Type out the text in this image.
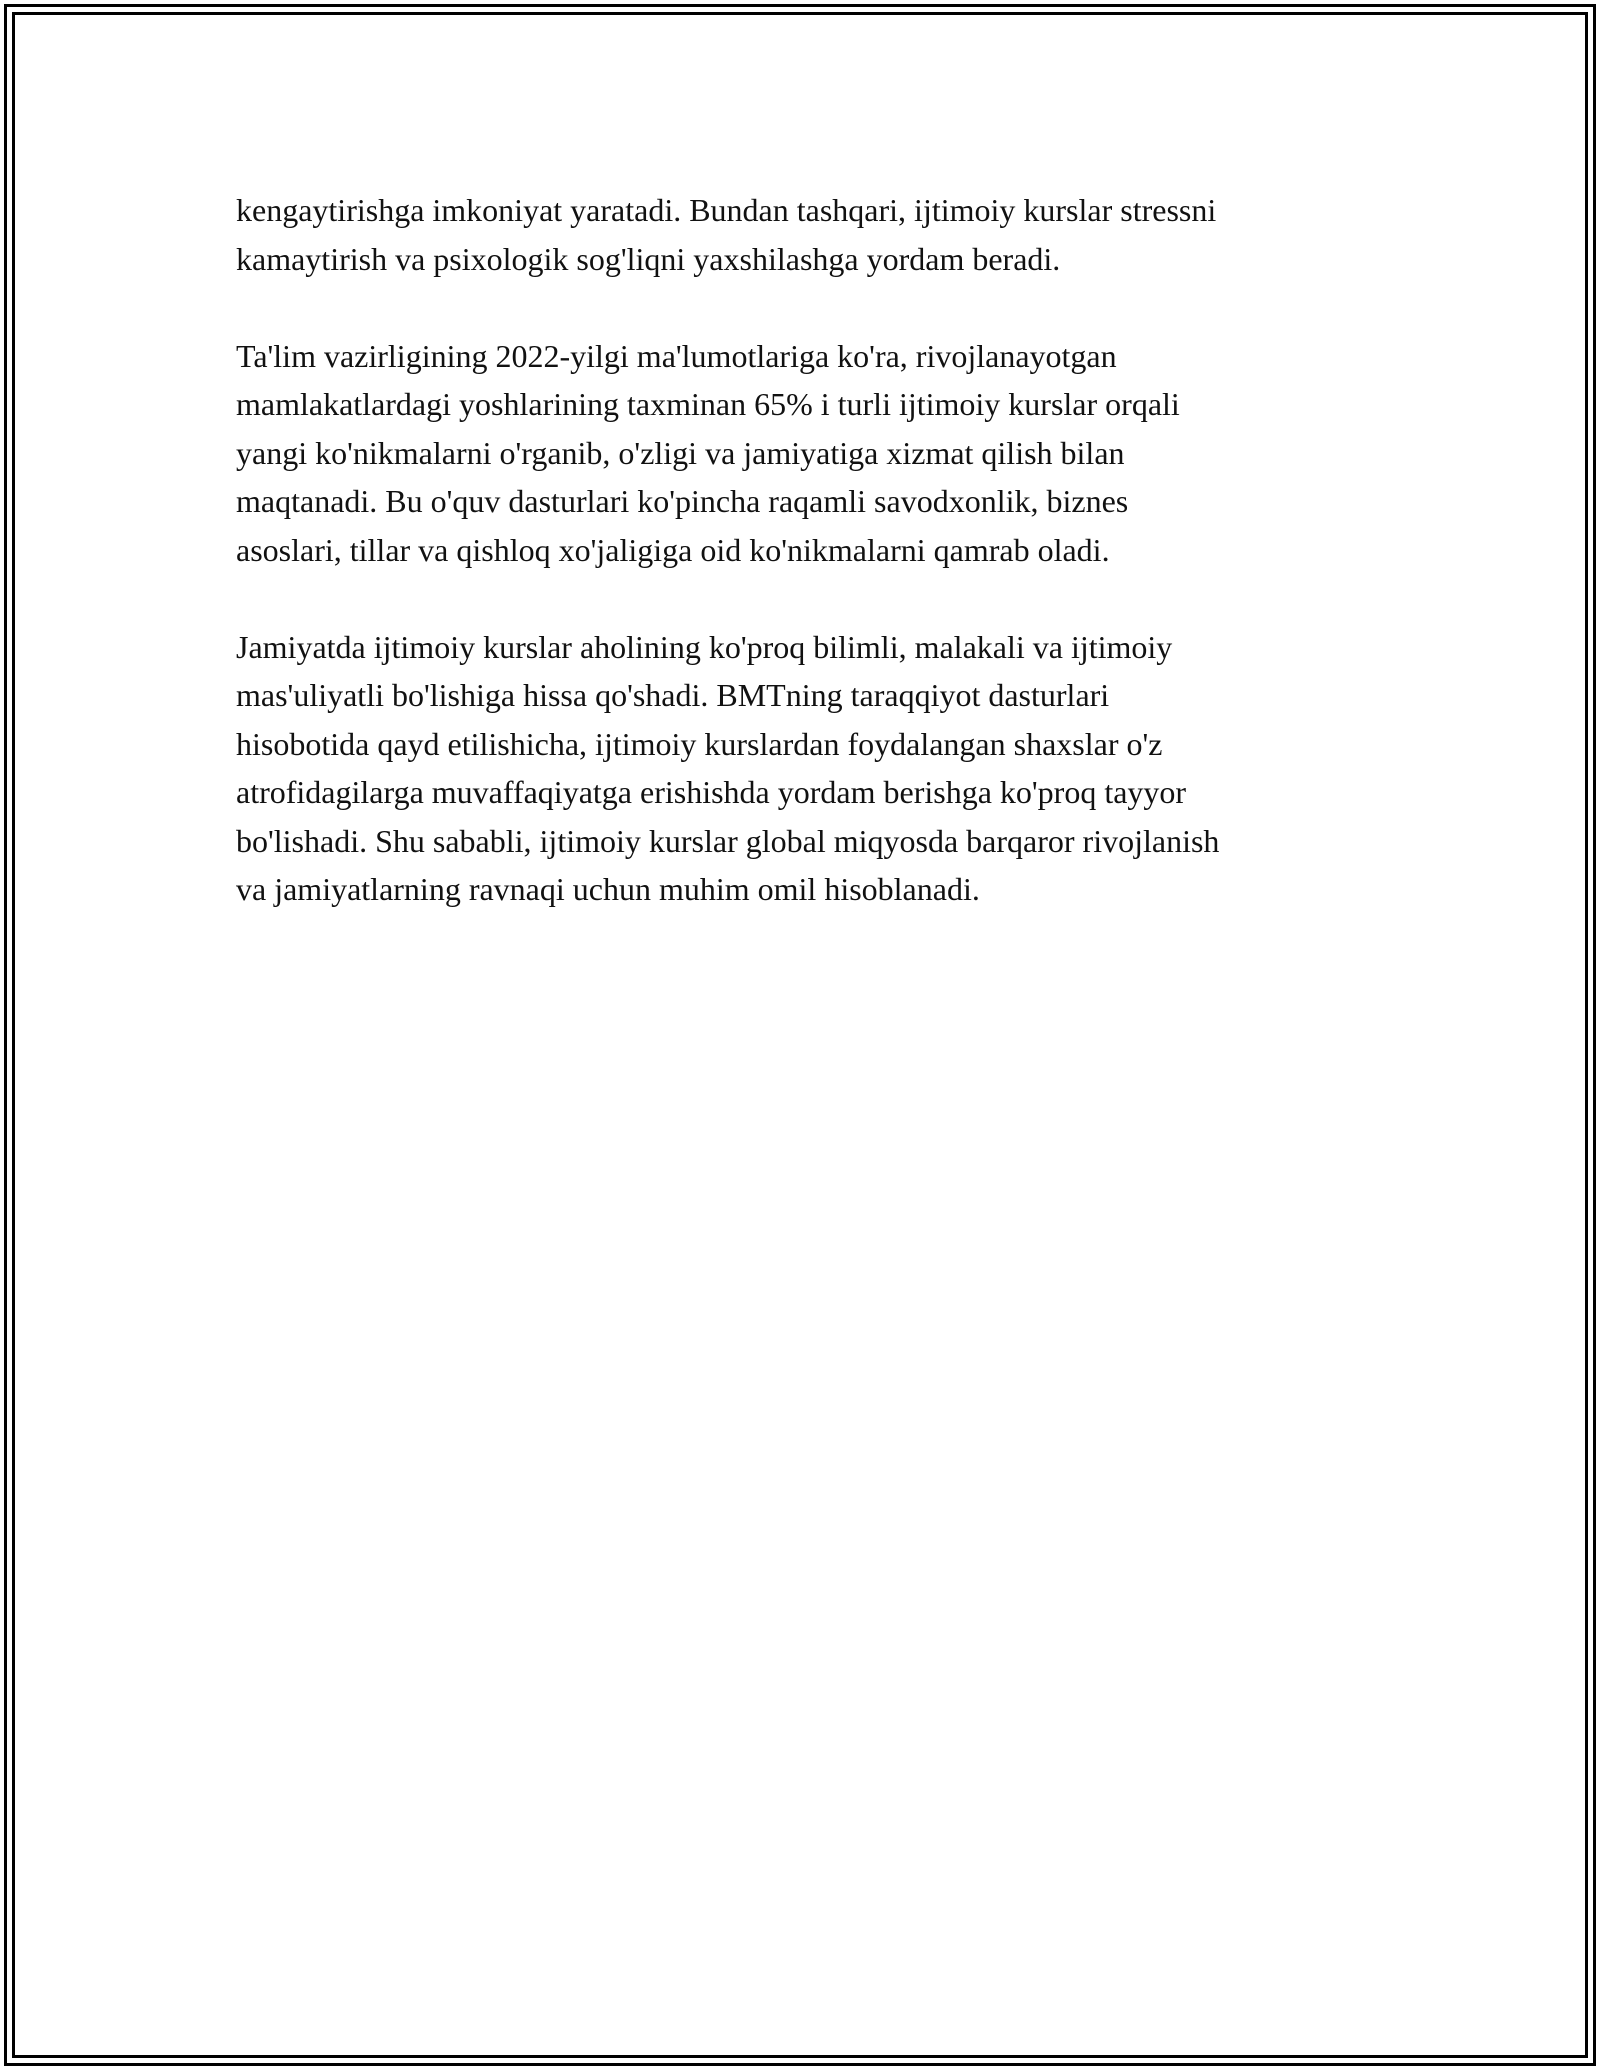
kengaytirishga imkoniyat yaratadi. Bundan tashqari, ijtimoiy kurslar stressni
kamaytirish va psixologik sog'liqni yaxshilashga yordam beradi.

Ta'lim vazirligining 2022-yilgi ma'lumotlariga ko'ra, rivojlanayotgan
mamlakatlardagi yoshlarining taxminan 65% i turli ijtimoiy kurslar orqali
yangi ko'nikmalarni o'rganib, o'zligi va jamiyatiga xizmat qilish bilan
maqtanadi. Bu o'quv dasturlari ko'pincha raqamli savodxonlik, biznes
asoslari, tillar va qishloq xo'jaligiga oid ko'nikmalarni qamrab oladi.

Jamiyatda ijtimoiy kurslar aholining ko'proq bilimli, malakali va ijtimoiy
mas'uliyatli bo'lishiga hissa qo'shadi. BMTning taraqqiyot dasturlari
hisobotida qayd etilishicha, ijtimoiy kurslardan foydalangan shaxslar o'z
atrofidagilarga muvaffaqiyatga erishishda yordam berishga ko'proq tayyor
bo'lishadi. Shu sababli, ijtimoiy kurslar global miqyosda barqaror rivojlanish
va jamiyatlarning ravnaqi uchun muhim omil hisoblanadi.
